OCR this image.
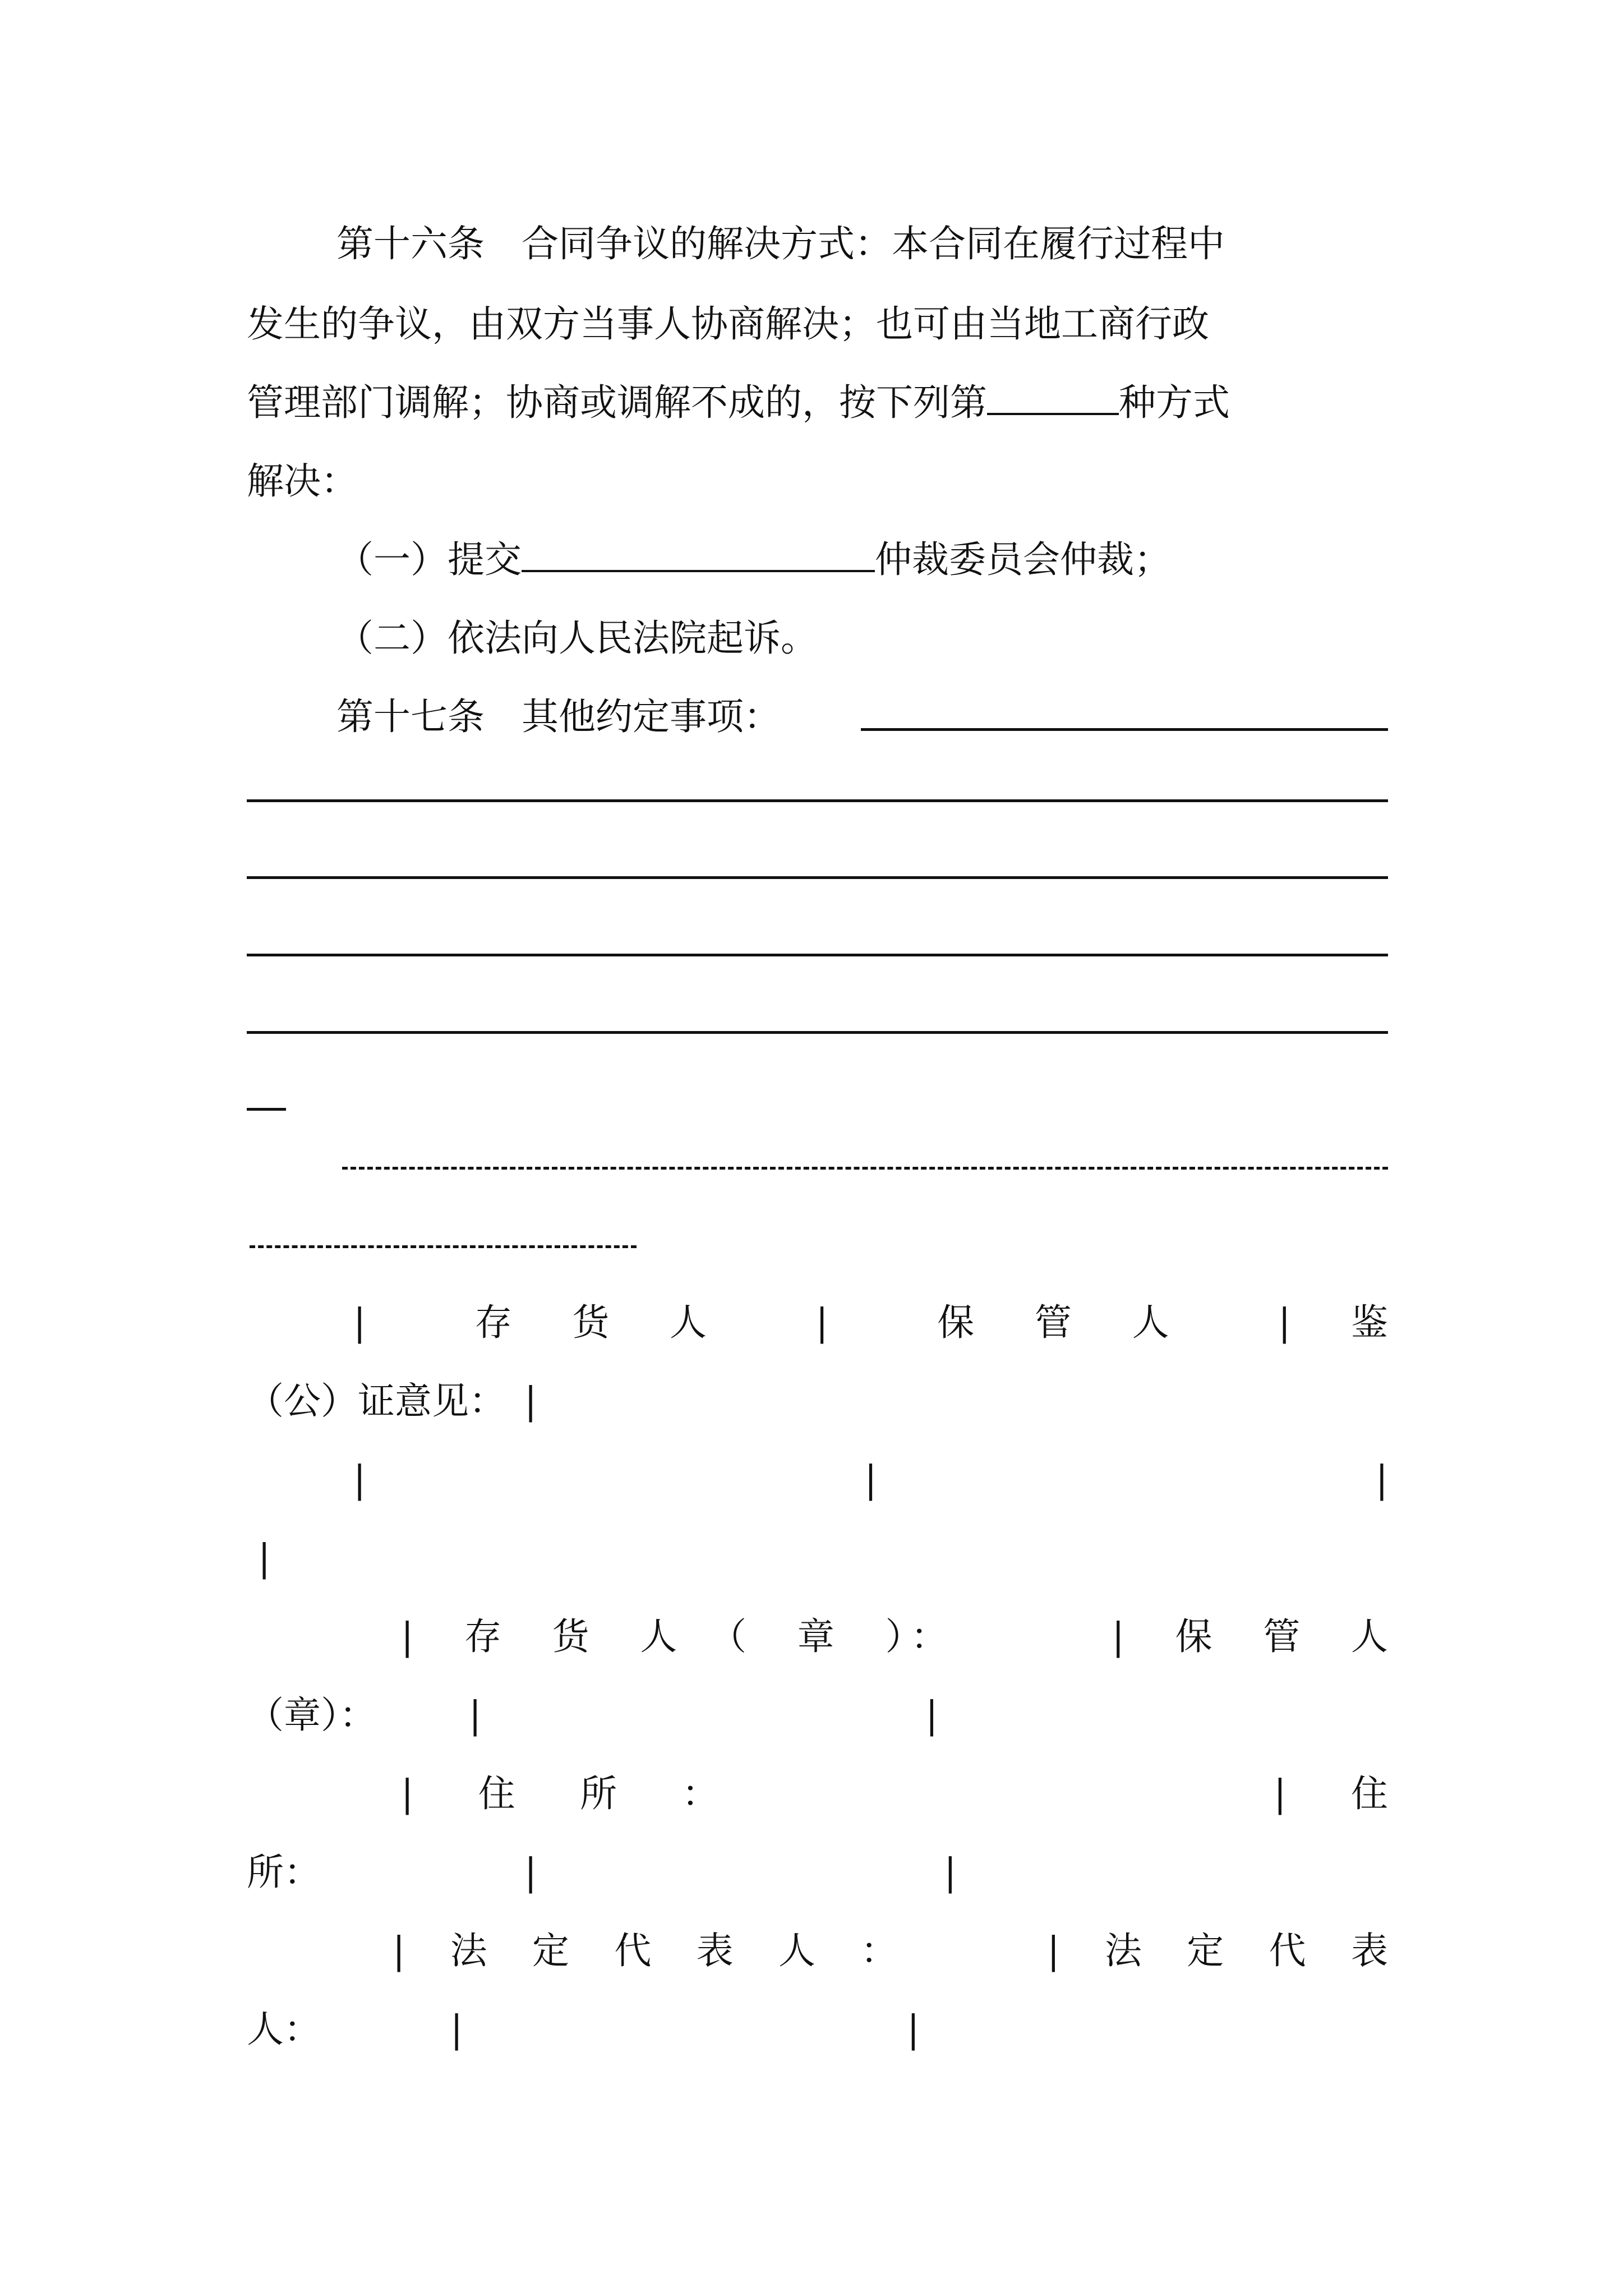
第十六条　合同争议的解决方式：本合同在履行过程中

发生的争议，由双方当事人协商解决；也可由当地工商行政

管理部门调解；协商或调解不成的，按下列第	种方式

解决：

（一）提交	仲裁委员会仲裁；

（二）依法向人民法院起诉。

第十七条　其他约定事项：

|　　存　货　人　　|　　保　管　人　　|　鉴

（公）证意见：　|

|　　　　　　　　　　　　　|　　　　　　　　　　　　　|

|

|　存　货　人　（　章　）：　　　　|　保　管　人

（章）：　　　|　　　　　　　　　　　　|

|　住　所　：　　　　　　　　　　　|　住

所：　　　　　　|　　　　　　　　　　　|

|　法　定　代　表　人　：　　　　|　法　定　代　表

人：　　　　|　　　　　　　　　　　　|
